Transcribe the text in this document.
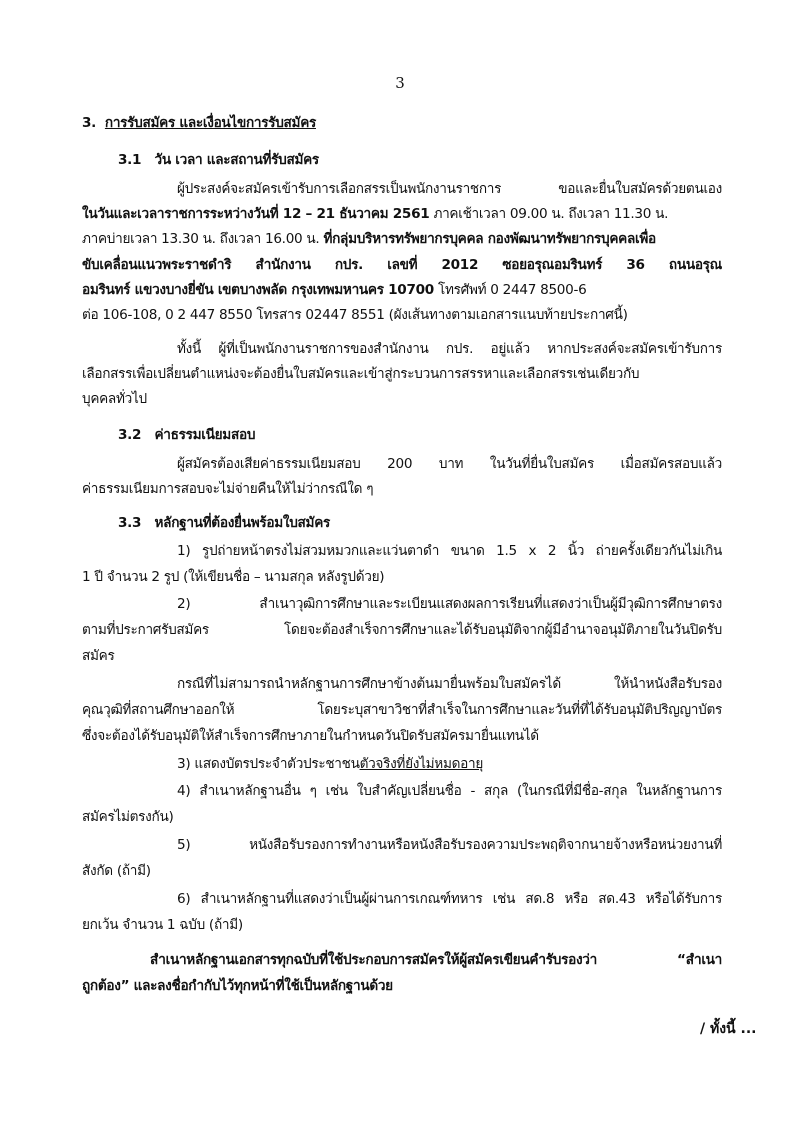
3
3. การรับสมัคร และเงื่อนไขการรับสมัคร
3.1 วัน เวลา และสถานที่รับสมัคร
ผู้ประสงค์จะสมัครเข้ารับการเลือกสรรเป็นพนักงานราชการ ขอและยื่นใบสมัครด้วยตนเอง
ในวันและเวลาราชการระหว่างวันที่ 12 – 21 ธันวาคม 2561 ภาคเช้าเวลา 09.00 น. ถึงเวลา 11.30 น.
ภาคบ่ายเวลา 13.30 น. ถึงเวลา 16.00 น. ที่กลุ่มบริหารทรัพยากรบุคคล กองพัฒนาทรัพยากรบุคคลเพื่อ
ขับเคลื่อนแนวพระราชดำริ สำนักงาน กปร. เลขที่ 2012 ซอยอรุณอมรินทร์ 36 ถนนอรุณ
อมรินทร์ แขวงบางยี่ขัน เขตบางพลัด กรุงเทพมหานคร 10700 โทรศัพท์ 0 2447 8500-6
ต่อ 106-108, 0 2 447 8550 โทรสาร 02447 8551 (ผังเส้นทางตามเอกสารแนบท้ายประกาศนี้)
ทั้งนี้ ผู้ที่เป็นพนักงานราชการของสำนักงาน กปร. อยู่แล้ว หากประสงค์จะสมัครเข้ารับการ
เลือกสรรเพื่อเปลี่ยนตำแหน่งจะต้องยื่นใบสมัครและเข้าสู่กระบวนการสรรหาและเลือกสรรเช่นเดียวกับ
บุคคลทั่วไป
3.2 ค่าธรรมเนียมสอบ
ผู้สมัครต้องเสียค่าธรรมเนียมสอบ 200 บาท ในวันที่ยื่นใบสมัคร เมื่อสมัครสอบแล้ว
ค่าธรรมเนียมการสอบจะไม่จ่ายคืนให้ไม่ว่ากรณีใด ๆ
3.3 หลักฐานที่ต้องยื่นพร้อมใบสมัคร
1) รูปถ่ายหน้าตรงไม่สวมหมวกและแว่นตาดำ ขนาด 1.5 x 2 นิ้ว ถ่ายครั้งเดียวกันไม่เกิน
1 ปี จำนวน 2 รูป (ให้เขียนชื่อ – นามสกุล หลังรูปด้วย)
2) สำเนาวุฒิการศึกษาและระเบียนแสดงผลการเรียนที่แสดงว่าเป็นผู้มีวุฒิการศึกษาตรง
ตามที่ประกาศรับสมัคร โดยจะต้องสำเร็จการศึกษาและได้รับอนุมัติจากผู้มีอำนาจอนุมัติภายในวันปิดรับ
สมัคร
กรณีที่ไม่สามารถนำหลักฐานการศึกษาข้างต้นมายื่นพร้อมใบสมัครได้ ให้นำหนังสือรับรอง
คุณวุฒิที่สถานศึกษาออกให้ โดยระบุสาขาวิชาที่สำเร็จในการศึกษาและวันที่ที่ได้รับอนุมัติปริญญาบัตร
ซึ่งจะต้องได้รับอนุมัติให้สำเร็จการศึกษาภายในกำหนดวันปิดรับสมัครมายื่นแทนได้
3) แสดงบัตรประจำตัวประชาชนตัวจริงที่ยังไม่หมดอายุ
4) สำเนาหลักฐานอื่น ๆ เช่น ใบสำคัญเปลี่ยนชื่อ - สกุล (ในกรณีที่มีชื่อ-สกุล ในหลักฐานการ
สมัครไม่ตรงกัน)
5) หนังสือรับรองการทำงานหรือหนังสือรับรองความประพฤติจากนายจ้างหรือหน่วยงานที่
สังกัด (ถ้ามี)
6) สำเนาหลักฐานที่แสดงว่าเป็นผู้ผ่านการเกณฑ์ทหาร เช่น สด.8 หรือ สด.43 หรือได้รับการ
ยกเว้น จำนวน 1 ฉบับ (ถ้ามี)
สำเนาหลักฐานเอกสารทุกฉบับที่ใช้ประกอบการสมัครให้ผู้สมัครเขียนคำรับรองว่า “สำเนา
ถูกต้อง” และลงชื่อกำกับไว้ทุกหน้าที่ใช้เป็นหลักฐานด้วย
/ ทั้งนี้ ...
